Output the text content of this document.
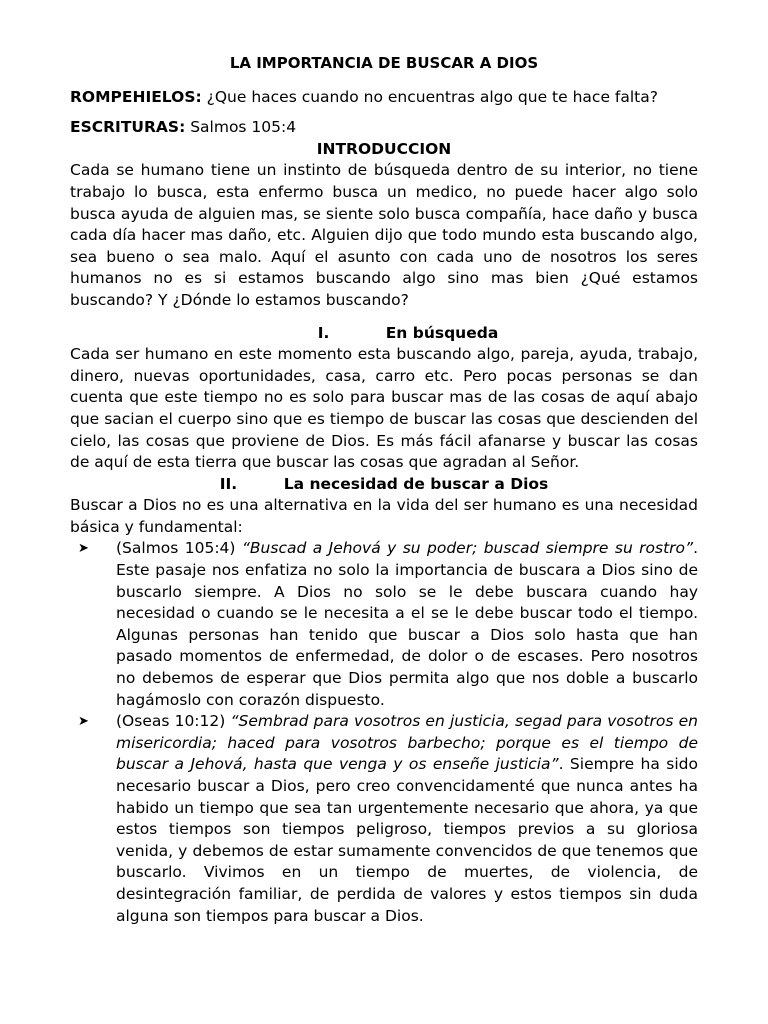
LA IMPORTANCIA DE BUSCAR A DIOS
ROMPEHIELOS: ¿Que haces cuando no encuentras algo que te hace falta?
ESCRITURAS: Salmos 105:4
INTRODUCCION

Cada se humano tiene un instinto de búsqueda dentro de su interior, no tiene trabajo lo busca, esta enfermo busca un medico, no puede hacer algo solo busca ayuda de alguien mas, se siente solo busca compañía, hace daño y busca cada día hacer mas daño, etc. Alguien dijo que todo mundo esta buscando algo, sea bueno o sea malo. Aquí el asunto con cada uno de nosotros los seres humanos no es si estamos buscando algo sino mas bien ¿Qué estamos buscando? Y ¿Dónde lo estamos buscando?

I.	En búsqueda

Cada ser humano en este momento esta buscando algo, pareja, ayuda, trabajo, dinero, nuevas oportunidades, casa, carro etc. Pero pocas personas se dan cuenta que este tiempo no es solo para buscar mas de las cosas de aquí abajo que sacian el cuerpo sino que es tiempo de buscar las cosas que descienden del cielo, las cosas que proviene de Dios. Es más fácil afanarse y buscar las cosas de aquí de esta tierra que buscar las cosas que agradan al Señor.

II.	La necesidad de buscar a Dios

Buscar a Dios no es una alternativa en la vida del ser humano es una necesidad básica y fundamental:

➤ (Salmos 105:4) “Buscad a Jehová y su poder; buscad siempre su rostro”. Este pasaje nos enfatiza no solo la importancia de buscara a Dios sino de buscarlo siempre. A Dios no solo se le debe buscara cuando hay necesidad o cuando se le necesita a el se le debe buscar todo el tiempo. Algunas personas han tenido que buscar a Dios solo hasta que han pasado momentos de enfermedad, de dolor o de escases. Pero nosotros no debemos de esperar que Dios permita algo que nos doble a buscarlo hagámoslo con corazón dispuesto.
➤ (Oseas 10:12) “Sembrad para vosotros en justicia, segad para vosotros en misericordia; haced para vosotros barbecho; porque es el tiempo de buscar a Jehová, hasta que venga y os enseñe justicia”. Siempre ha sido necesario buscar a Dios, pero creo convencidamenté que nunca antes ha habido un tiempo que sea tan urgentemente necesario que ahora, ya que estos tiempos son tiempos peligroso, tiempos previos a su gloriosa venida, y debemos de estar sumamente convencidos de que tenemos que buscarlo. Vivimos en un tiempo de muertes, de violencia, de desintegración familiar, de perdida de valores y estos tiempos sin duda alguna son tiempos para buscar a Dios.
